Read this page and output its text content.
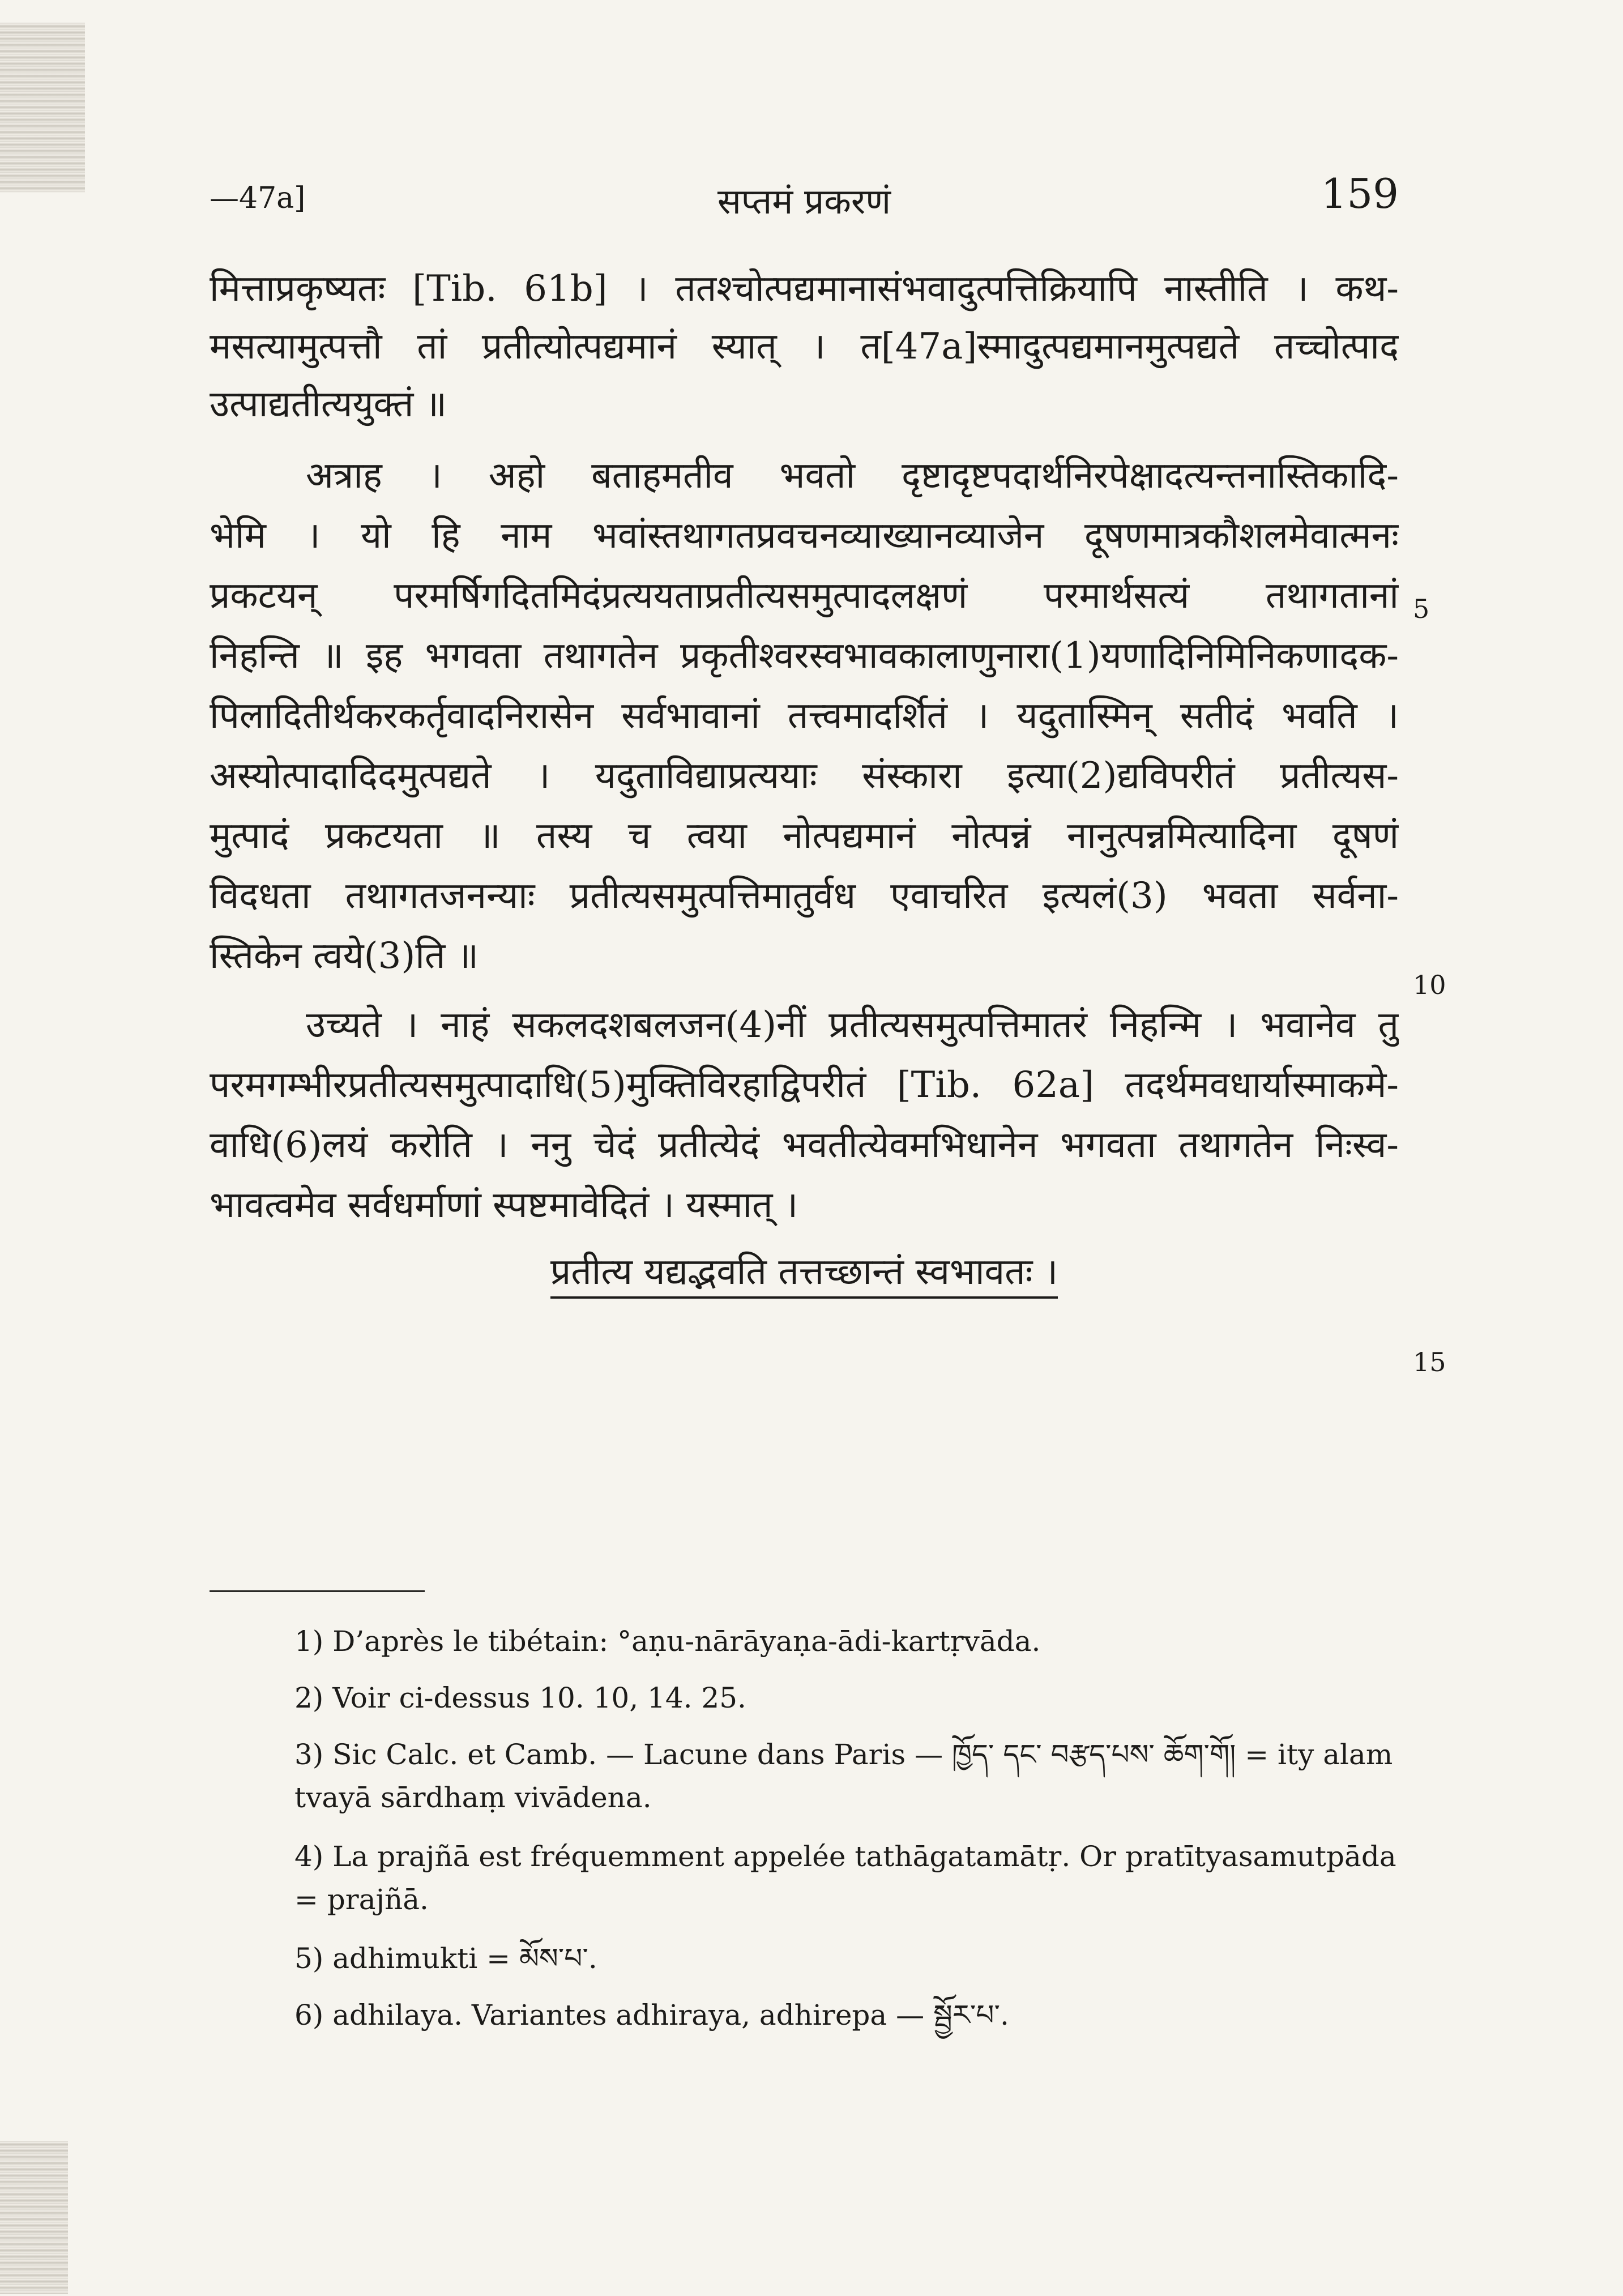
—47a]	सप्तमं प्रकरणं	159
मित्ताप्रकृष्यतः [Tib. 61b] । ततश्चोत्पद्यमानासंभवादुत्पत्तिक्रियापि नास्तीति । कथ-
मसत्यामुत्पत्तौ तां प्रतीत्योत्पद्यमानं स्यात् । त[47a]स्मादुत्पद्यमानमुत्पद्यते तच्चोत्पाद
उत्पाद्यतीत्ययुक्तं ॥
अत्राह । अहो बताहमतीव भवतो दृष्टादृष्टपदार्थनिरपेक्षादत्यन्तनास्तिकादि-
भेमि । यो हि नाम भवांस्तथागतप्रवचनव्याख्यानव्याजेन दूषणमात्रकौशलमेवात्मनः
प्रकटयन् परमर्षिगदितमिदंप्रत्ययताप्रतीत्यसमुत्पादलक्षणं परमार्थसत्यं तथागतानां
निहन्ति ॥ इह भगवता तथागतेन प्रकृतीश्वरस्वभावकालाणुनारा(1)यणादिनिमिनिकणादक-
पिलादितीर्थकरकर्तृवादनिरासेन सर्वभावानां तत्त्वमादर्शितं । यदुतास्मिन् सतीदं भवति ।
अस्योत्पादादिदमुत्पद्यते । यदुताविद्याप्रत्ययाः संस्कारा इत्या(2)द्यविपरीतं प्रतीत्यस-
मुत्पादं प्रकटयता ॥ तस्य च त्वया नोत्पद्यमानं नोत्पन्नं नानुत्पन्नमित्यादिना दूषणं
विदधता तथागतजनन्याः प्रतीत्यसमुत्पत्तिमातुर्वध एवाचरित इत्यलं(3) भवता सर्वना-
स्तिकेन त्वये(3)ति ॥
उच्यते । नाहं सकलदशबलजन(4)नीं प्रतीत्यसमुत्पत्तिमातरं निहन्मि । भवानेव तु
परमगम्भीरप्रतीत्यसमुत्पादाधि(5)मुक्तिविरहाद्विपरीतं [Tib. 62a] तदर्थमवधार्यास्माकमे-
वाधि(6)लयं करोति । ननु चेदं प्रतीत्येदं भवतीत्येवमभिधानेन भगवता तथागतेन निःस्व-
भावत्वमेव सर्वधर्माणां स्पष्टमावेदितं । यस्मात् ।
प्रतीत्य यद्यद्भवति तत्तच्छान्तं स्वभावतः ।
5
10
15
1) D’après le tibétain: °aṇu-nārāyaṇa-ādi-kartṛvāda.
2) Voir ci-dessus 10. 10, 14. 25.
3) Sic Calc. et Camb. — Lacune dans Paris — ཁྱོད་ དང་ བརྩད་པས་ ཆོག་གོ། = ity alam tvayā sārdhaṃ vivādena.
4) La prajñā est fréquemment appelée tathāgatamātṛ. Or pratītyasamutpāda = prajñā.
5) adhimukti = མོས་པ་.
6) adhilaya. Variantes adhiraya, adhirepa — སྦྱོར་པ་.
